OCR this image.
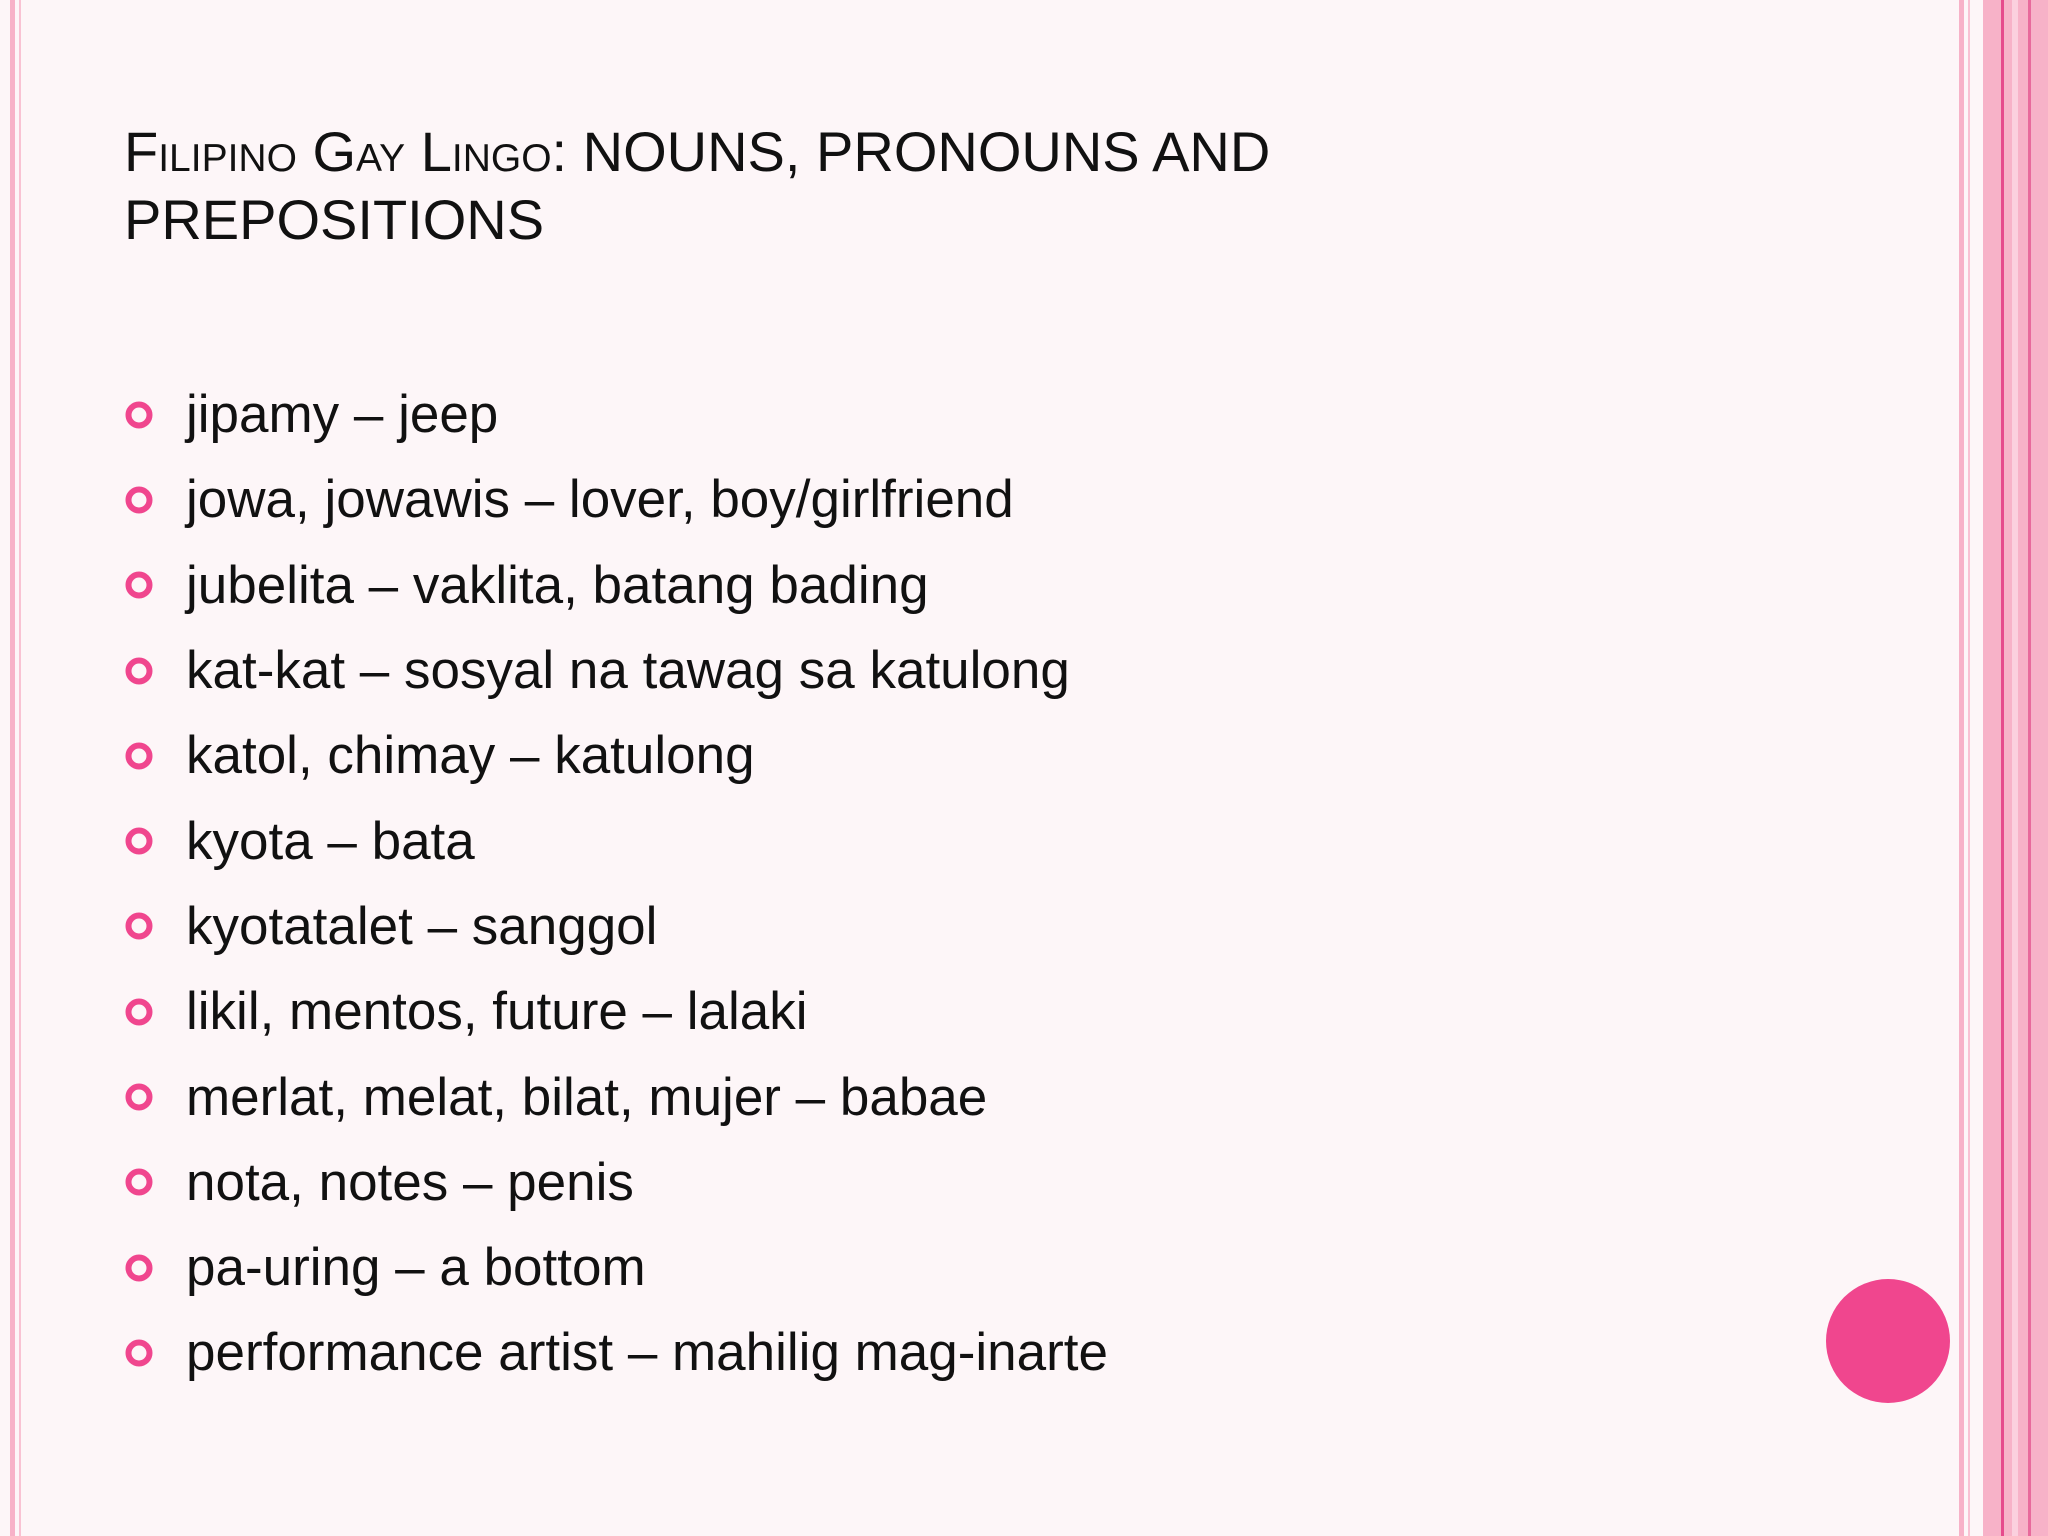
Filipino Gay Lingo: NOUNS, PRONOUNS AND PREPOSITIONS
jipamy – jeep
jowa, jowawis – lover, boy/girlfriend
jubelita – vaklita, batang bading
kat-kat – sosyal na tawag sa katulong
katol, chimay – katulong
kyota – bata
kyotatalet – sanggol
likil, mentos, future – lalaki
merlat, melat, bilat, mujer – babae
nota, notes – penis
pa-uring – a bottom
performance artist – mahilig mag-inarte
